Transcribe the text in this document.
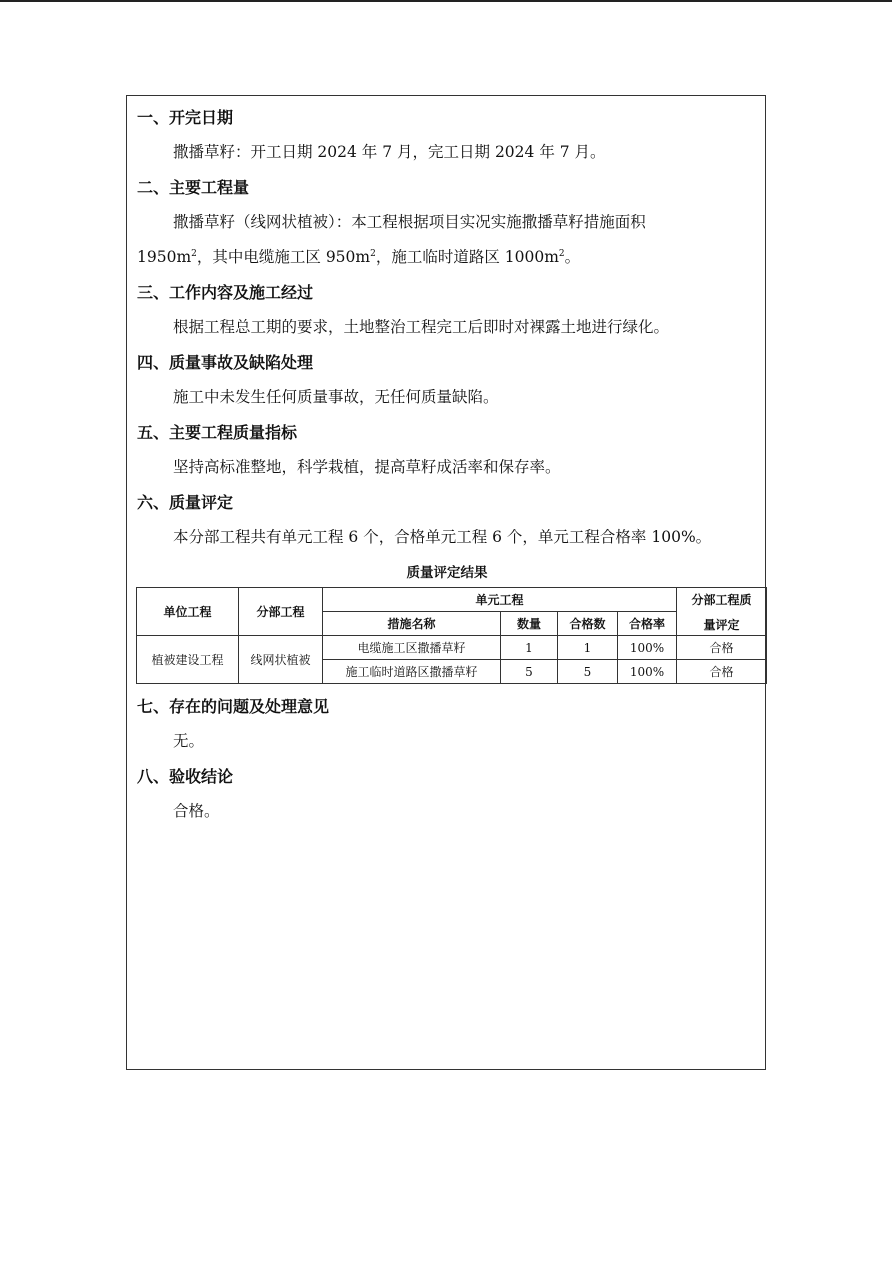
一、开完日期
撒播草籽：开工日期 2024 年 7 月，完工日期 2024 年 7 月。
二、主要工程量
撒播草籽（线网状植被）：本工程根据项目实况实施撒播草籽措施面积
$1950m^2$，其中电缆施工区 $950m^2$，施工临时道路区 $1000m^2$。
三、工作内容及施工经过
根据工程总工期的要求，土地整治工程完工后即时对裸露土地进行绿化。
四、质量事故及缺陷处理
施工中未发生任何质量事故，无任何质量缺陷。
五、主要工程质量指标
坚持高标准整地，科学栽植，提高草籽成活率和保存率。
六、质量评定
本分部工程共有单元工程 6 个，合格单元工程 6 个，单元工程合格率 100%。
质量评定结果
单位工程	分部工程	单元工程				分部工程质
量评定

		措施名称	数量	合格数	合格率	
植被建设工程	线网状植被	电缆施工区撒播草籽	1	1	100%	合格
		施工临时道路区撒播草籽	5	5	100%	合格
七、存在的问题及处理意见
无。
八、验收结论
合格。
